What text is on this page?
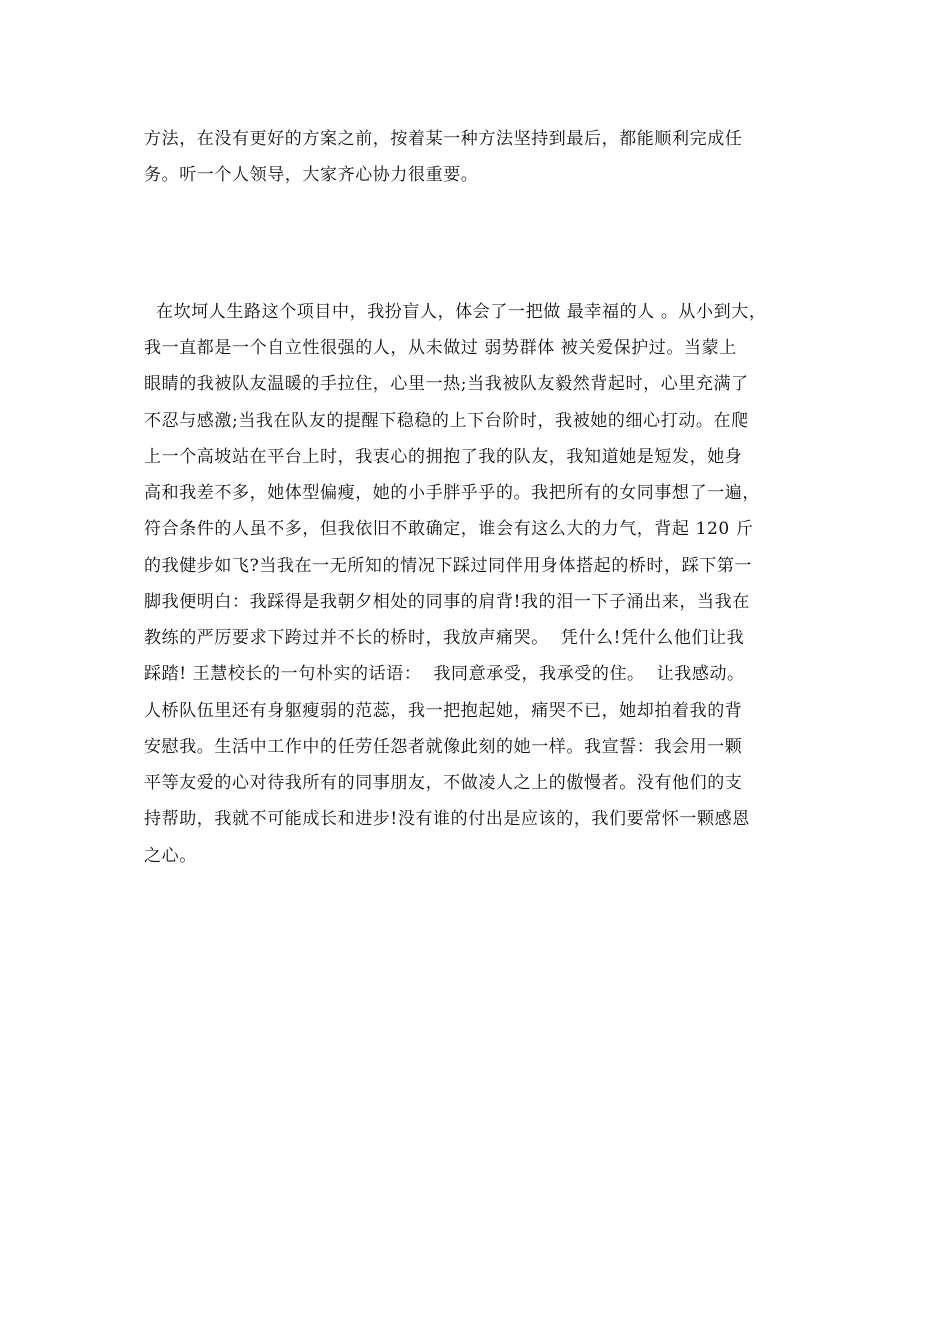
方法，在没有更好的方案之前，按着某一种方法坚持到最后，都能顺利完成任
务。听一个人领导，大家齐心协力很重要。
在坎坷人生路这个项目中，我扮盲人，体会了一把做 最幸福的人 。从小到大，
我一直都是一个自立性很强的人，从未做过 弱势群体 被关爱保护过。当蒙上
眼睛的我被队友温暖的手拉住，心里一热;当我被队友毅然背起时，心里充满了
不忍与感激;当我在队友的提醒下稳稳的上下台阶时，我被她的细心打动。在爬
上一个高坡站在平台上时，我衷心的拥抱了我的队友，我知道她是短发，她身
高和我差不多，她体型偏瘦，她的小手胖乎乎的。我把所有的女同事想了一遍，
符合条件的人虽不多，但我依旧不敢确定，谁会有这么大的力气，背起 120 斤
的我健步如飞?当我在一无所知的情况下踩过同伴用身体搭起的桥时，踩下第一
脚我便明白：我踩得是我朝夕相处的同事的肩背!我的泪一下子涌出来，当我在
教练的严厉要求下跨过并不长的桥时，我放声痛哭。  凭什么!凭什么他们让我
踩踏! 王慧校长的一句朴实的话语：  我同意承受，我承受的住。  让我感动。
人桥队伍里还有身躯瘦弱的范蕊，我一把抱起她，痛哭不已，她却拍着我的背
安慰我。生活中工作中的任劳任怨者就像此刻的她一样。我宣誓：我会用一颗
平等友爱的心对待我所有的同事朋友，不做凌人之上的傲慢者。没有他们的支
持帮助，我就不可能成长和进步!没有谁的付出是应该的，我们要常怀一颗感恩
之心。
